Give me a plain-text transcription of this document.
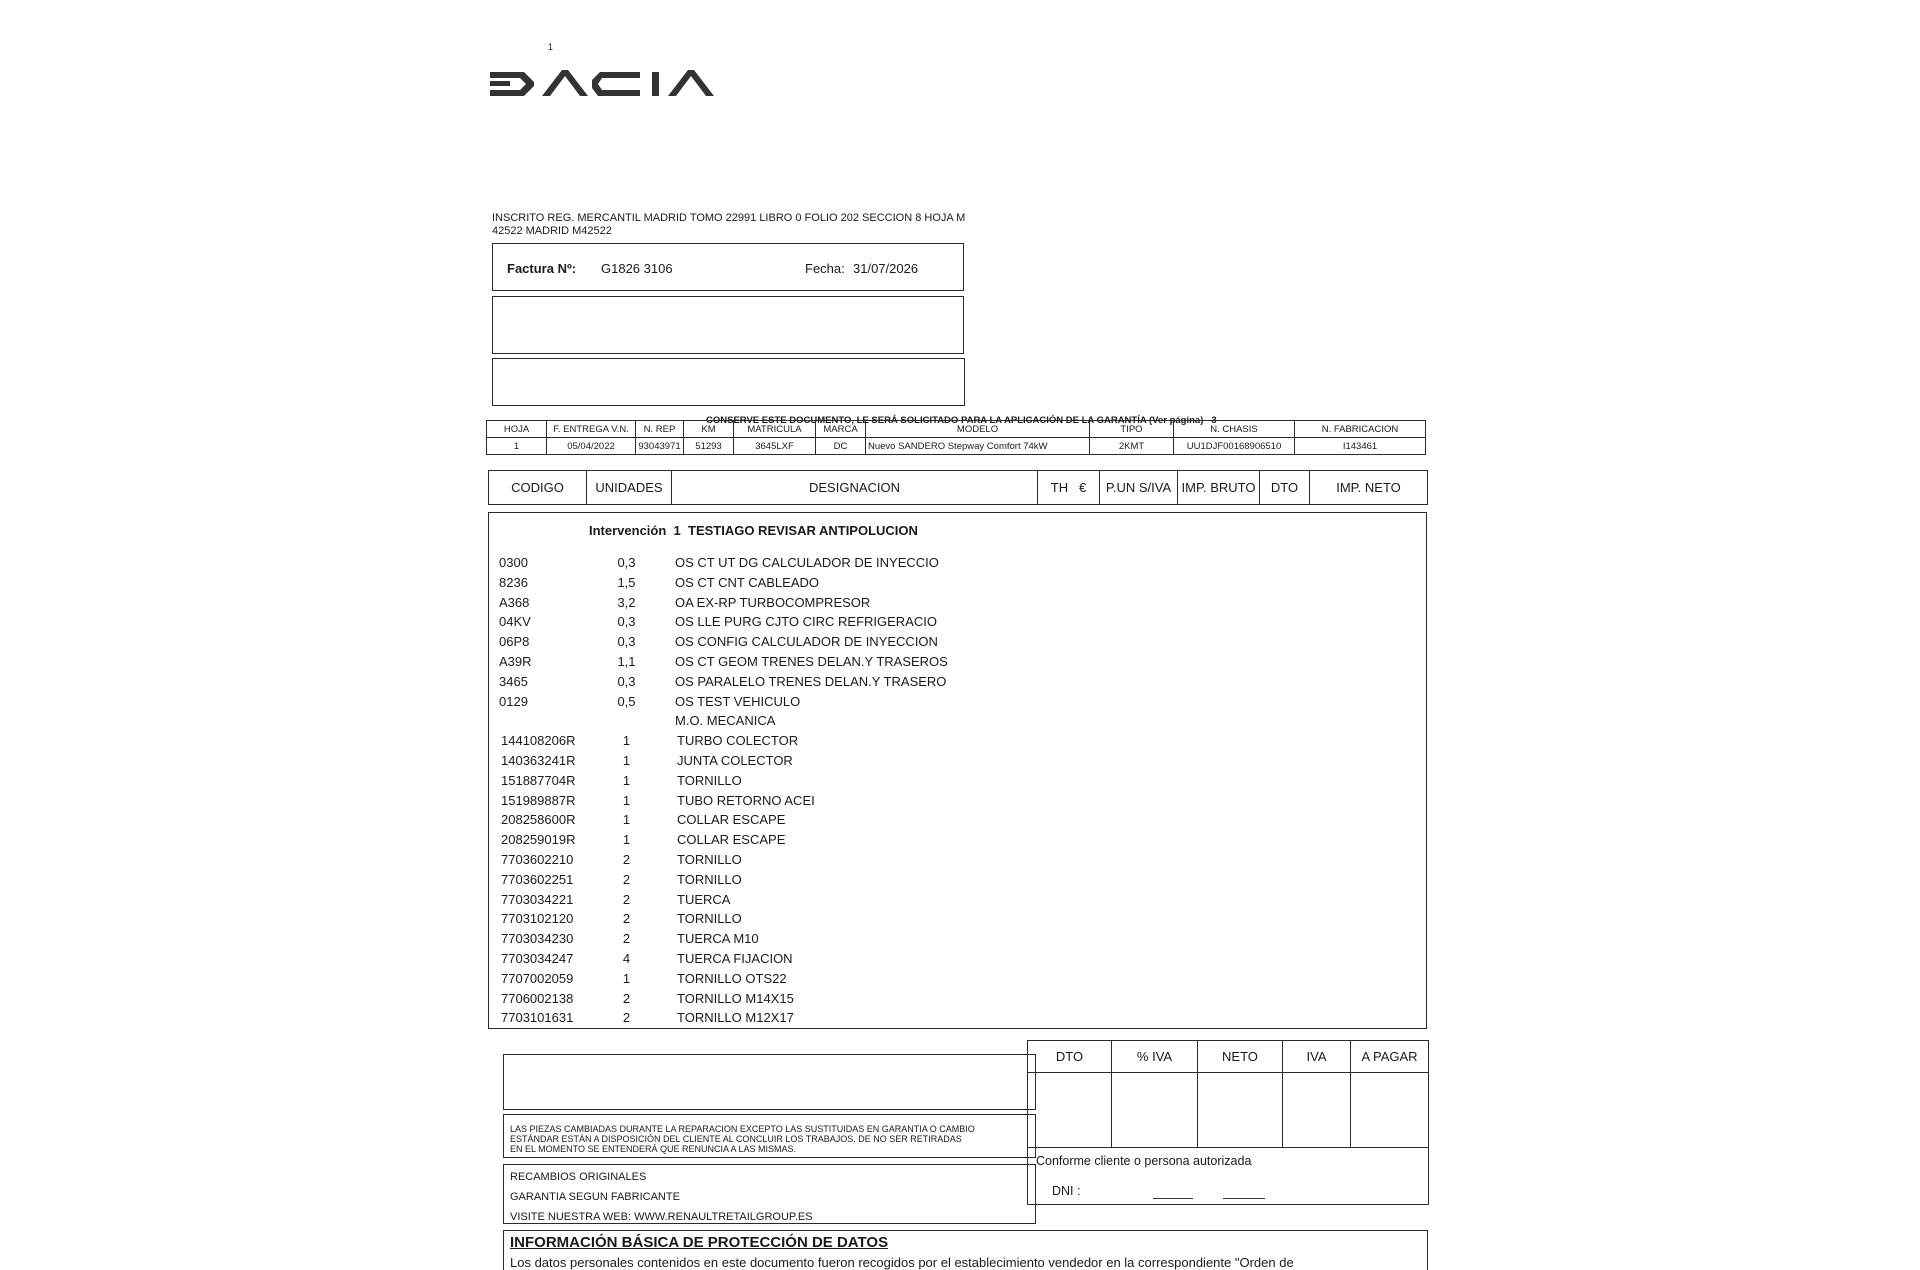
DACIA
1
INSCRITO REG. MERCANTIL MADRID TOMO 22991 LIBRO 0 FOLIO 202 SECCION 8 HOJA M
42522 MADRID M42522
Factura Nº: G1826 3106	Fecha: 31/07/2026
CONSERVE ESTE DOCUMENTO, LE SERÁ SOLICITADO PARA LA APLICACIÓN DE LA GARANTÍA (Ver página) 3
HOJA	F. ENTREGA V.N.	N. REP	KM	MATRICULA	MARCA	MODELO	TIPO	N. CHASIS	N. FABRICACION
1	05/04/2022	93043971	51293	3645LXF	DC	Nuevo SANDERO Stepway Comfort 74kW	2KMT	UU1DJF00168906510	I143461
CODIGO	UNIDADES	DESIGNACION	TH €	P.UN S/IVA	IMP. BRUTO	DTO	IMP. NETO
Intervención 1 TESTIAGO REVISAR ANTIPOLUCION
0300	0,3	OS CT UT DG CALCULADOR DE INYECCIO
8236	1,5	OS CT CNT CABLEADO
A368	3,2	OA EX-RP TURBOCOMPRESOR
04KV	0,3	OS LLE PURG CJTO CIRC REFRIGERACIO
06P8	0,3	OS CONFIG CALCULADOR DE INYECCION
A39R	1,1	OS CT GEOM TRENES DELAN.Y TRASEROS
3465	0,3	OS PARALELO TRENES DELAN.Y TRASERO
0129	0,5	OS TEST VEHICULO
M.O. MECANICA
144108206R	1	TURBO COLECTOR
140363241R	1	JUNTA COLECTOR
151887704R	1	TORNILLO
151989887R	1	TUBO RETORNO ACEI
208258600R	1	COLLAR ESCAPE
208259019R	1	COLLAR ESCAPE
7703602210	2	TORNILLO
7703602251	2	TORNILLO
7703034221	2	TUERCA
7703102120	2	TORNILLO
7703034230	2	TUERCA M10
7703034247	4	TUERCA FIJACION
7707002059	1	TORNILLO OTS22
7706002138	2	TORNILLO M14X15
7703101631	2	TORNILLO M12X17
LAS PIEZAS CAMBIADAS DURANTE LA REPARACION EXCEPTO LAS SUSTITUIDAS EN GARANTIA O CAMBIO
ESTÁNDAR ESTÁN A DISPOSICIÓN DEL CLIENTE AL CONCLUIR LOS TRABAJOS. DE NO SER RETIRADAS
EN EL MOMENTO SE ENTENDERÁ QUE RENUNCIA A LAS MISMAS.
RECAMBIOS ORIGINALES
GARANTIA SEGUN FABRICANTE
VISITE NUESTRA WEB: WWW.RENAULTRETAILGROUP.ES
DTO	% IVA	NETO	IVA	A PAGAR

Conforme cliente o persona autorizada
DNI :				
INFORMACIÓN BÁSICA DE PROTECCIÓN DE DATOS
Los datos personales contenidos en este documento fueron recogidos por el establecimiento vendedor en la correspondiente "Orden de
